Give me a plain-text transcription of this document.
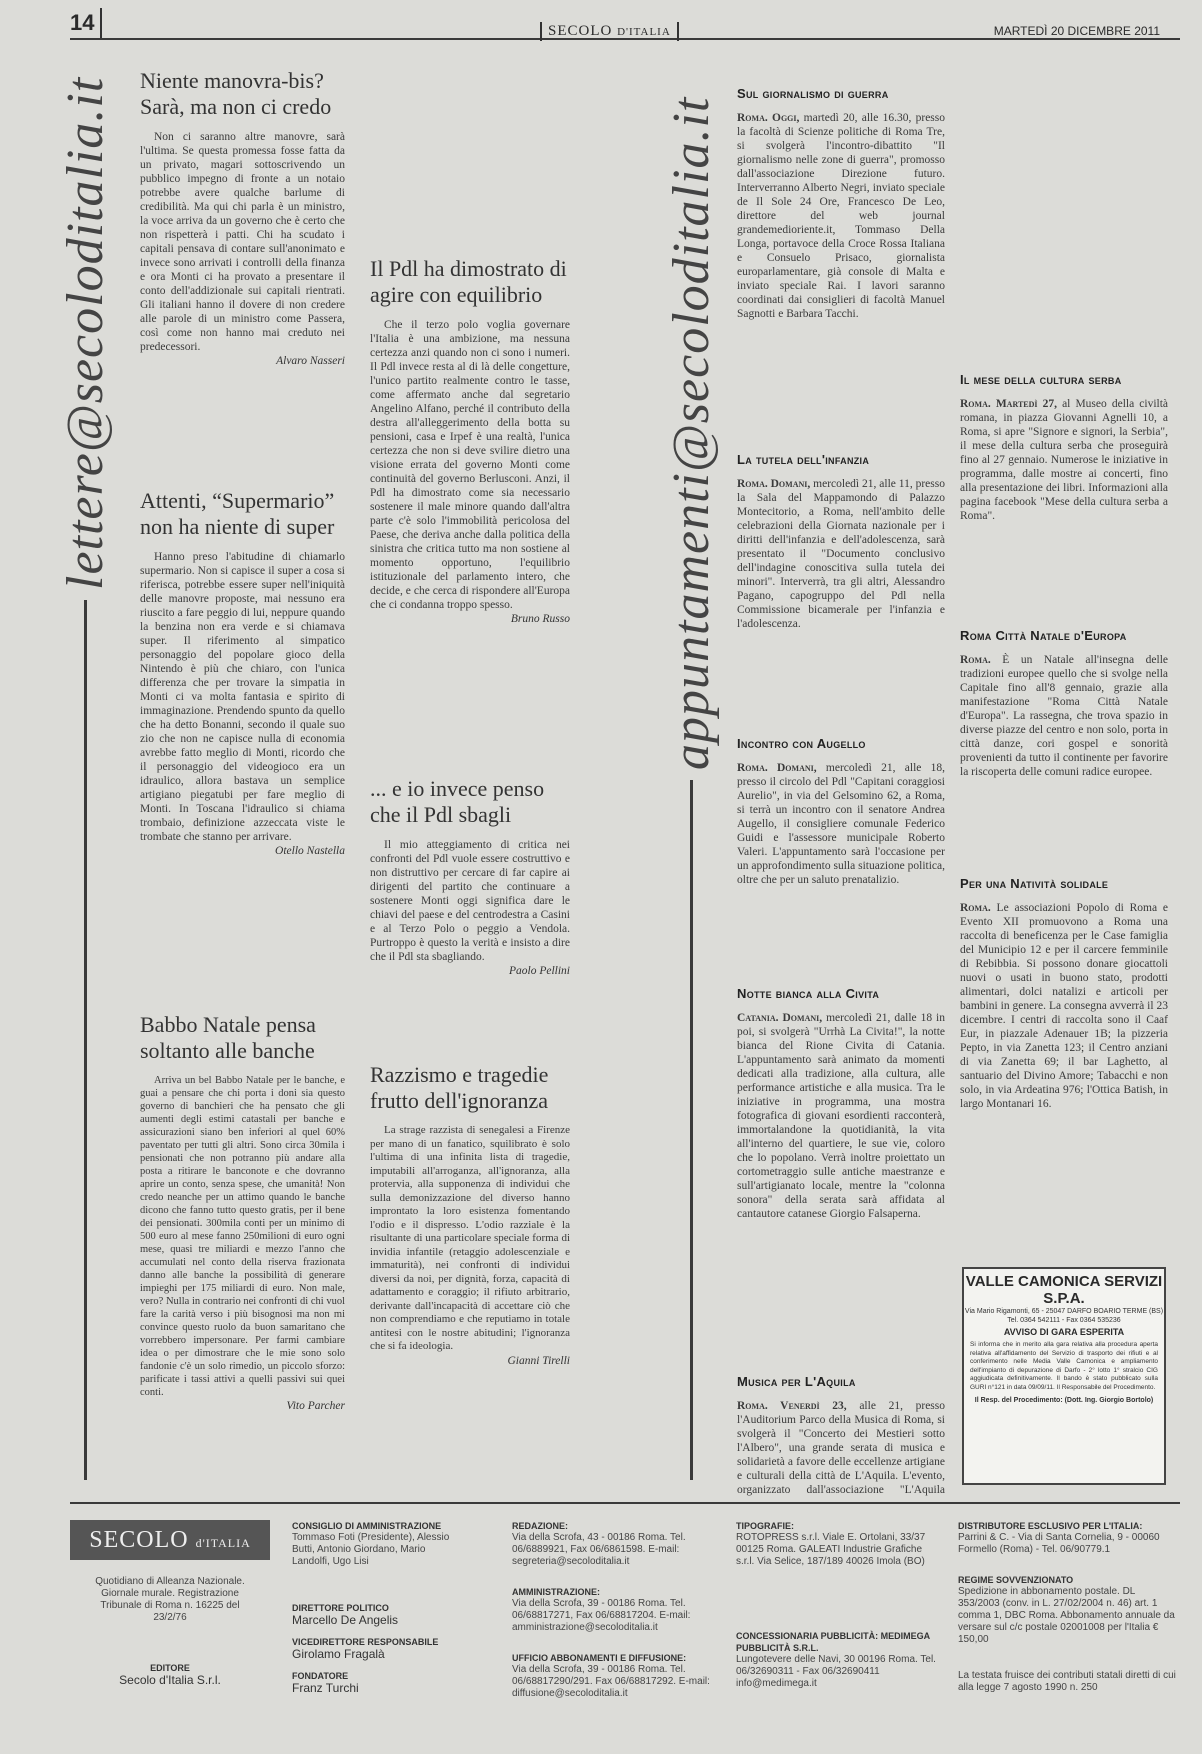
14	SECOLO D'ITALIA	MARTEDÌ 20 DICEMBRE 2011
lettere@secoloditalia.it	appuntamenti@secoloditalia.it
Niente manovra-bis? Sarà, ma non ci credo
Non ci saranno altre manovre, sarà l'ultima. Se questa promessa fosse fatta da un privato, magari sottoscrivendo un pubblico impegno di fronte a un notaio potrebbe avere qualche barlume di credibilità. Ma qui chi parla è un ministro, la voce arriva da un governo che è certo che non rispetterà i patti. Chi ha scudato i capitali pensava di contare sull'anonimato e invece sono arrivati i controlli della finanza e ora Monti ci ha provato a presentare il conto dell'addizionale sui capitali rientrati. Gli italiani hanno il dovere di non credere alle parole di un ministro come Passera, così come non hanno mai creduto nei predecessori.
Alvaro Nasseri
Attenti, “Supermario” non ha niente di super
Hanno preso l'abitudine di chiamarlo supermario. Non si capisce il super a cosa si riferisca, potrebbe essere super nell'iniquità delle manovre proposte, mai nessuno era riuscito a fare peggio di lui, neppure quando la benzina non era verde e si chiamava super. Il riferimento al simpatico personaggio del popolare gioco della Nintendo è più che chiaro, con l'unica differenza che per trovare la simpatia in Monti ci va molta fantasia e spirito di immaginazione. Prendendo spunto da quello che ha detto Bonanni, secondo il quale suo zio che non ne capisce nulla di economia avrebbe fatto meglio di Monti, ricordo che il personaggio del videogioco era un idraulico, allora bastava un semplice artigiano piegatubi per fare meglio di Monti. In Toscana l'idraulico si chiama trombaio, definizione azzeccata viste le trombate che stanno per arrivare.
Otello Nastella
Babbo Natale pensa soltanto alle banche
Arriva un bel Babbo Natale per le banche, e guai a pensare che chi porta i doni sia questo governo di banchieri che ha pensato che gli aumenti degli estimi catastali per banche e assicurazioni siano ben inferiori al quel 60% paventato per tutti gli altri. Sono circa 30mila i pensionati che non potranno più andare alla posta a ritirare le banconote e che dovranno aprire un conto, senza spese, che umanità! Non credo neanche per un attimo quando le banche dicono che fanno tutto questo gratis, per il bene dei pensionati. 300mila conti per un minimo di 500 euro al mese fanno 250milioni di euro ogni mese, quasi tre miliardi e mezzo l'anno che accumulati nel conto della riserva frazionata danno alle banche la possibilità di generare impieghi per 175 miliardi di euro. Non male, vero? Nulla in contrario nei confronti di chi vuol fare la carità verso i più bisognosi ma non mi convince questo ruolo da buon samaritano che vorrebbero impersonare. Per farmi cambiare idea o per dimostrare che le mie sono solo fandonie c'è un solo rimedio, un piccolo sforzo: parificate i tassi attivi a quelli passivi sui quei conti.
Vito Parcher
Il Pdl ha dimostrato di agire con equilibrio
Che il terzo polo voglia governare l'Italia è una ambizione, ma nessuna certezza anzi quando non ci sono i numeri. Il Pdl invece resta al di là delle congetture, l'unico partito realmente contro le tasse, come affermato anche dal segretario Angelino Alfano, perché il contributo della destra all'alleggerimento della botta su pensioni, casa e Irpef è una realtà, l'unica certezza che non si deve svilire dietro una visione errata del governo Monti come continuità del governo Berlusconi. Anzi, il Pdl ha dimostrato come sia necessario sostenere il male minore quando dall'altra parte c'è solo l'immobilità pericolosa del Paese, che deriva anche dalla politica della sinistra che critica tutto ma non sostiene al momento opportuno, l'equilibrio istituzionale del parlamento intero, che decide, e che cerca di rispondere all'Europa che ci condanna troppo spesso.
Bruno Russo
... e io invece penso che il Pdl sbagli
Il mio atteggiamento di critica nei confronti del Pdl vuole essere costruttivo e non distruttivo per cercare di far capire ai dirigenti del partito che continuare a sostenere Monti oggi significa dare le chiavi del paese e del centrodestra a Casini e al Terzo Polo o peggio a Vendola. Purtroppo è questo la verità e insisto a dire che il Pdl sta sbagliando.
Paolo Pellini
Razzismo e tragedie frutto dell'ignoranza
La strage razzista di senegalesi a Firenze per mano di un fanatico, squilibrato è solo l'ultima di una infinita lista di tragedie, imputabili all'arroganza, all'ignoranza, alla protervia, alla supponenza di individui che sulla demonizzazione del diverso hanno improntato la loro esistenza fomentando l'odio e il dispresso. L'odio razziale è la risultante di una particolare speciale forma di invidia infantile (retaggio adolescenziale e immaturità), nei confronti di individui diversi da noi, per dignità, forza, capacità di adattamento e coraggio; il rifiuto arbitrario, derivante dall'incapacità di accettare ciò che non comprendiamo e che reputiamo in totale antitesi con le nostre abitudini; l'ignoranza che si fa ideologia.
Gianni Tirelli
Sul giornalismo di guerra
Roma. Oggi, martedì 20, alle 16.30, presso la facoltà di Scienze politiche di Roma Tre, si svolgerà l'incontro-dibattito "Il giornalismo nelle zone di guerra", promosso dall'associazione Direzione futuro. Interverranno Alberto Negri, inviato speciale de Il Sole 24 Ore, Francesco De Leo, direttore del web journal grandemedioriente.it, Tommaso Della Longa, portavoce della Croce Rossa Italiana e Consuelo Prisaco, giornalista europarlamentare, già console di Malta e inviato speciale Rai. I lavori saranno coordinati dai consiglieri di facoltà Manuel Sagnotti e Barbara Tacchi.
La tutela dell'infanzia
Roma. Domani, mercoledì 21, alle 11, presso la Sala del Mappamondo di Palazzo Montecitorio, a Roma, nell'ambito delle celebrazioni della Giornata nazionale per i diritti dell'infanzia e dell'adolescenza, sarà presentato il "Documento conclusivo dell'indagine conoscitiva sulla tutela dei minori". Interverrà, tra gli altri, Alessandro Pagano, capogruppo del Pdl nella Commissione bicamerale per l'infanzia e l'adolescenza.
Incontro con Augello
Roma. Domani, mercoledì 21, alle 18, presso il circolo del Pdl "Capitani coraggiosi Aurelio", in via del Gelsomino 62, a Roma, si terrà un incontro con il senatore Andrea Augello, il consigliere comunale Federico Guidi e l'assessore municipale Roberto Valeri. L'appuntamento sarà l'occasione per un approfondimento sulla situazione politica, oltre che per un saluto prenatalizio.
Notte bianca alla Civita
Catania. Domani, mercoledì 21, dalle 18 in poi, si svolgerà "Urrhà La Civita!", la notte bianca del Rione Civita di Catania. L'appuntamento sarà animato da momenti dedicati alla tradizione, alla cultura, alle performance artistiche e alla musica. Tra le iniziative in programma, una mostra fotografica di giovani esordienti racconterà, immortalandone la quotidianità, la vita all'interno del quartiere, le sue vie, coloro che lo popolano. Verrà inoltre proiettato un cortometraggio sulle antiche maestranze e sull'artigianato locale, mentre la "colonna sonora" della serata sarà affidata al cantautore catanese Giorgio Falsaperna.
Musica per L'Aquila
Roma. Venerdì 23, alle 21, presso l'Auditorium Parco della Musica di Roma, si svolgerà il "Concerto dei Mestieri sotto l'Albero", una grande serata di musica e solidarietà a favore delle eccellenze artigiane e culturali della città de L'Aquila. L'evento, organizzato dall'associazione "L'Aquila
Il mese della cultura serba
Roma. Martedì 27, al Museo della civiltà romana, in piazza Giovanni Agnelli 10, a Roma, si apre "Signore e signori, la Serbia", il mese della cultura serba che proseguirà fino al 27 gennaio. Numerose le iniziative in programma, dalle mostre ai concerti, fino alla presentazione dei libri. Informazioni alla pagina facebook "Mese della cultura serba a Roma".
Roma Città Natale d'Europa
Roma. È un Natale all'insegna delle tradizioni europee quello che si svolge nella Capitale fino all'8 gennaio, grazie alla manifestazione "Roma Città Natale d'Europa". La rassegna, che trova spazio in diverse piazze del centro e non solo, porta in città danze, cori gospel e sonorità provenienti da tutto il continente per favorire la riscoperta delle comuni radice europee.
Per una Natività solidale
Roma. Le associazioni Popolo di Roma e Evento XII promuovono a Roma una raccolta di beneficenza per le Case famiglia del Municipio 12 e per il carcere femminile di Rebibbia. Si possono donare giocattoli nuovi o usati in buono stato, prodotti alimentari, dolci natalizi e articoli per bambini in genere. La consegna avverrà il 23 dicembre. I centri di raccolta sono il Caaf Eur, in piazzale Adenauer 1B; la pizzeria Pepto, in via Zanetta 123; il Centro anziani di via Zanetta 69; il bar Laghetto, al santuario del Divino Amore; Tabacchi e non solo, in via Ardeatina 976; l'Ottica Batish, in largo Montanari 16.
VALLE CAMONICA SERVIZI S.P.A.
Via Mario Rigamonti, 65 - 25047 DARFO BOARIO TERME (BS)
Tel. 0364 542111 - Fax 0364 535236
AVVISO DI GARA ESPERITA
Si informa che in merito alla gara relativa alla procedura aperta relativa all'affidamento del Servizio di trasporto dei rifiuti e al conferimento nelle Media Valle Camonica e ampliamento dell'impianto di depurazione di Darfo - 2° lotto 1° stralcio CIG aggiudicata definitivamente. Il bando è stato pubblicato sulla GURI n°121 in data 09/09/11. Il Responsabile del Procedimento.
Il Resp. del Procedimento: (Dott. Ing. Giorgio Bortolo)
SECOLO d'ITALIA
Quotidiano di Alleanza Nazionale. Giornale murale. Registrazione Tribunale di Roma n. 16225 del 23/2/76
EDITORE
Secolo d'Italia S.r.l.
CONSIGLIO DI AMMINISTRAZIONE
Tommaso Foti (Presidente), Alessio Butti, Antonio Giordano, Mario Landolfi, Ugo Lisi
DIRETTORE POLITICO
Marcello De Angelis
VICEDIRETTORE RESPONSABILE
Girolamo Fragalà
FONDATORE
Franz Turchi
REDAZIONE:
Via della Scrofa, 43 - 00186 Roma. Tel. 06/6889921, Fax 06/6861598. E-mail: segreteria@secoloditalia.it
AMMINISTRAZIONE:
Via della Scrofa, 39 - 00186 Roma. Tel. 06/68817271, Fax 06/68817204. E-mail: amministrazione@secoloditalia.it
UFFICIO ABBONAMENTI E DIFFUSIONE:
Via della Scrofa, 39 - 00186 Roma. Tel. 06/68817290/291. Fax 06/68817292. E-mail: diffusione@secoloditalia.it
TIPOGRAFIE:
ROTOPRESS s.r.l. Viale E. Ortolani, 33/37 00125 Roma. GALEATI Industrie Grafiche s.r.l. Via Selice, 187/189 40026 Imola (BO)
CONCESSIONARIA PUBBLICITÀ: MEDIMEGA PUBBLICITÀ S.R.L.
Lungotevere delle Navi, 30 00196 Roma. Tel. 06/32690311 - Fax 06/32690411 info@medimega.it
DISTRIBUTORE ESCLUSIVO PER L'ITALIA:
Parrini & C. - Via di Santa Cornelia, 9 - 00060 Formello (Roma) - Tel. 06/90779.1
REGIME SOVVENZIONATO
Spedizione in abbonamento postale. DL 353/2003 (conv. in L. 27/02/2004 n. 46) art. 1 comma 1, DBC Roma. Abbonamento annuale da versare sul c/c postale 02001008 per l'Italia € 150,00
La testata fruisce dei contributi statali diretti di cui alla legge 7 agosto 1990 n. 250
